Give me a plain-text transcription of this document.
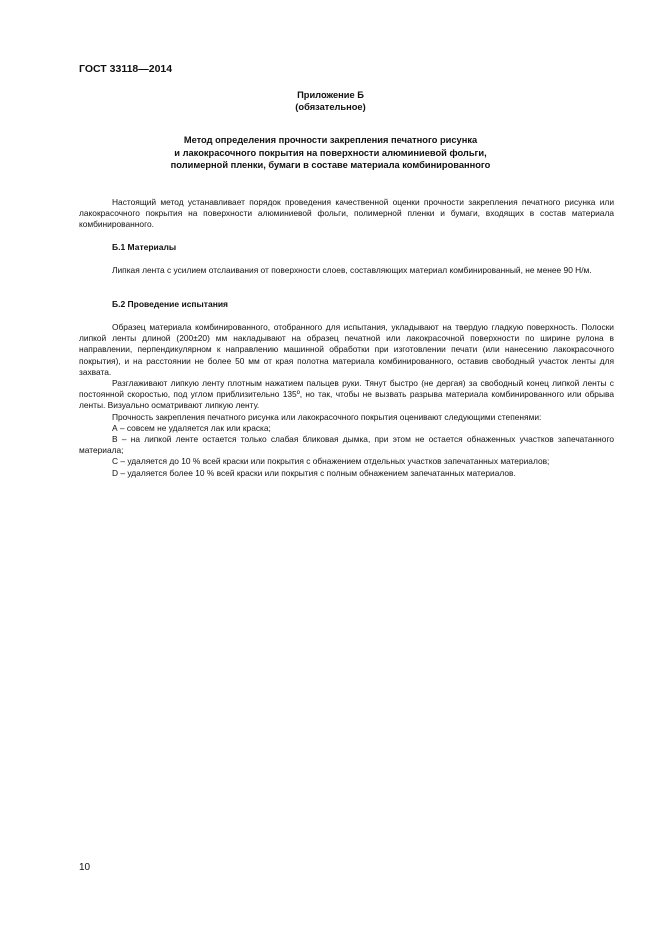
ГОСТ 33118—2014
Приложение Б
(обязательное)
Метод определения прочности закрепления печатного рисунка
и лакокрасочного покрытия на поверхности алюминиевой фольги,
полимерной пленки, бумаги в составе материала комбинированного

Настоящий метод устанавливает порядок проведения качественной оценки прочности закрепления печатного рисунка или лакокрасочного покрытия на поверхности алюминиевой фольги, полимерной пленки и бумаги, входящих в состав материала комбинированного.

Б.1 Материалы

Липкая лента с усилием отслаивания от поверхности слоев, составляющих материал комбинированный, не менее 90 Н/м.

Б.2 Проведение испытания

Образец материала комбинированного, отобранного для испытания, укладывают на твердую гладкую поверхность. Полоски липкой ленты длиной (200±20) мм накладывают на образец печатной или лакокрасочной поверхности по ширине рулона в направлении, перпендикулярном к направлению машинной обработки при изготовлении печати (или нанесению лакокрасочного покрытия), и на расстоянии не более 50 мм от края полотна материала комбинированного, оставив свободный участок ленты для захвата.

Разглаживают липкую ленту плотным нажатием пальцев руки. Тянут быстро (не дергая) за свободный конец липкой ленты с постоянной скоростью, под углом приблизительно 135º, но так, чтобы не вызвать разрыва материала комбинированного или обрыва ленты. Визуально осматривают липкую ленту.

Прочность закрепления печатного рисунка или лакокрасочного покрытия оценивают следующими степенями:

А – совсем не удаляется лак или краска;

В – на липкой ленте остается только слабая бликовая дымка, при этом не остается обнаженных участков запечатанного материала;

С – удаляется до 10 % всей краски или покрытия с обнажением отдельных участков запечатанных материалов;

D – удаляется более 10 % всей краски или покрытия с полным обнажением запечатанных материалов.

10
